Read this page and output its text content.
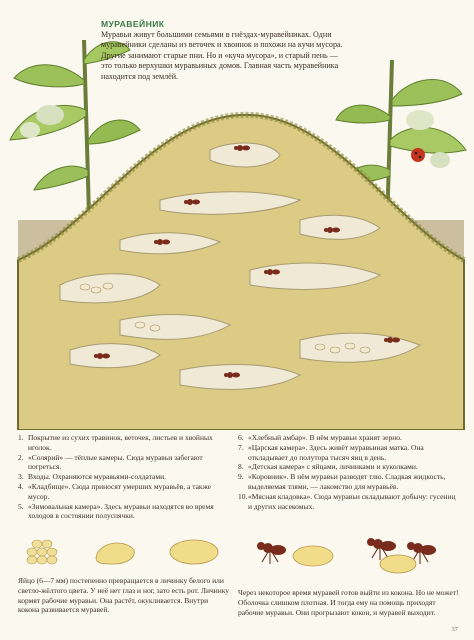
МУРАВЕЙНИК
Муравьи живут большими семьями в гнёздах-муравейниках. Одни муравейники сделаны из веточек и хвоинок и похожи на кучи мусора. Другие занимают старые пни. Но и «куча мусора», и старый пень — это только верхушки муравьиных домов. Главная часть муравейника находится под землёй.
1. Покрытие из сухих травинок, веточек, листьев и хвойных иголок.
2. «Солярий» — тёплые камеры. Сюда муравьи забегают погреться.
3. Входы. Охраняются муравьями-солдатами.
4. «Кладбище». Сюда приносят умерших муравьёв, а также мусор.
5. «Зимовальная камера». Здесь муравьи находятся во время холодов в состоянии полуспячки.
6. «Хлебный амбар». В нём муравьи хранят зерно.
7. «Царская камера». Здесь живёт муравьиная матка. Она откладывает до полутора тысяч яиц в день.
8. «Детская камера» с яйцами, личинками и куколками.
9. «Коровник». В нём муравьи разводят тлю. Сладкая жидкость, выделяемая тлями, — лакомство для муравьёв.
10. «Мясная кладовка». Сюда муравьи складывают добычу: гусениц и других насекомых.
Яйцо (6—7 мм) постепенно превращается в личинку белого или светло-жёлтого цвета. У неё нет глаз и ног, зато есть рот. Личинку кормят рабочие муравьи. Она растёт, окукливается. Внутри кокона развивается муравей.
Через некоторое время муравей готов выйти из кокона. Но не может! Оболочка слишком плотная. И тогда ему на помощь приходят рабочие муравьи. Они прогрызают кокон, и муравей выходит.
37
